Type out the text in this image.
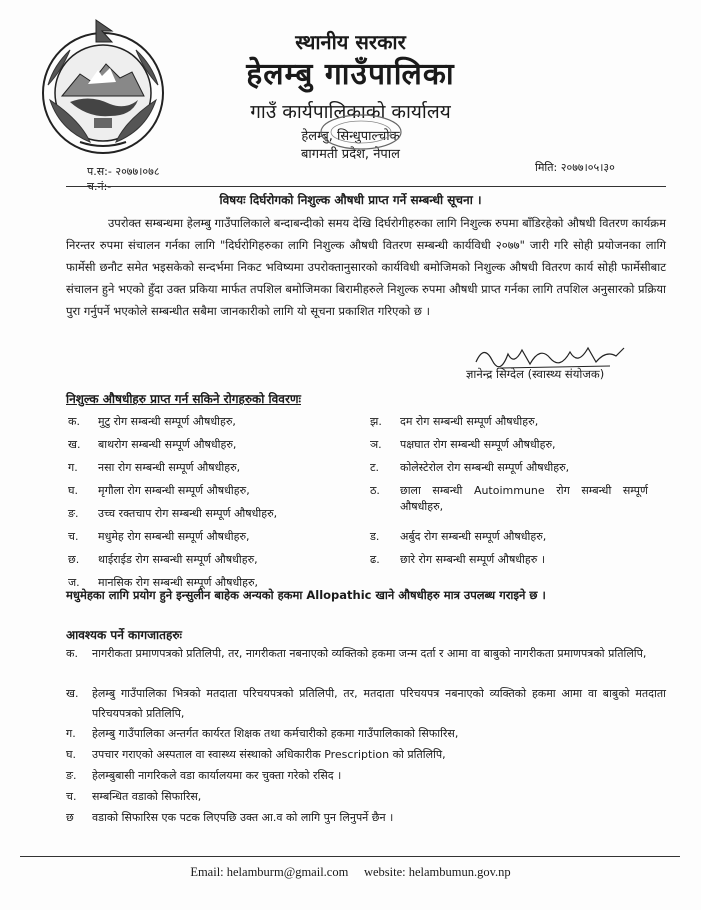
स्थानीय सरकार
हेलम्बु गाउँपालिका
गाउँ कार्यपालिकाको कार्यालय
हेलम्बु, सिन्धुपाल्चोक
बागमती प्रदेश, नेपाल
प.स:- २०७७।०७८
च.नं:-
मिति: २०७७।०५।३०
विषयः दिर्घरोगको निशुल्क औषधी प्राप्त गर्ने सम्बन्धी सूचना ।
उपरोक्त सम्बन्धमा हेलम्बु गाउँपालिकाले बन्दाबन्दीको समय देखि दिर्घरोगीहरुका लागि निशुल्क रुपमा बाँडिरहेको औषधी वितरण कार्यक्रम निरन्तर रुपमा संचालन गर्नका लागि "दिर्घरोगिहरुका लागि निशुल्क औषधी वितरण सम्बन्धी कार्यविधी २०७७" जारी गरि सोही प्रयोजनका लागि फार्मेसी छनौट समेत भइसकेको सन्दर्भमा निकट भविष्यमा उपरोक्तानुसारको कार्यविधी बमोजिमको निशुल्क औषधी वितरण कार्य सोही फार्मेसीबाट संचालन हुने भएको हुँदा उक्त प्रकिया मार्फत तपशिल बमोजिमका बिरामीहरुले निशुल्क रुपमा औषधी प्राप्त गर्नका लागि तपशिल अनुसारको प्रक्रिया पुरा गर्नुपर्ने भएकोले सम्बन्धीत सबैमा जानकारीको लागि यो सूचना प्रकाशित गरिएको छ ।
ज्ञानेन्द्र सिग्देल (स्वास्थ्य संयोजक)
निशुल्क औषधीहरु प्राप्त गर्न सकिने रोगहरुको विवरणः
क. मुटु रोग सम्बन्धी सम्पूर्ण औषधीहरु,
ख. बाथरोग सम्बन्धी सम्पूर्ण औषधीहरु,
ग. नसा रोग सम्बन्धी सम्पूर्ण औषधीहरु,
घ. मृगौला रोग सम्बन्धी सम्पूर्ण औषधीहरु,
ङ. उच्च रक्तचाप रोग सम्बन्धी सम्पूर्ण औषधीहरु,
च. मधुमेह रोग सम्बन्धी सम्पूर्ण औषधीहरु,
छ. थाईराईड रोग सम्बन्धी सम्पूर्ण औषधीहरु,
ज. मानसिक रोग सम्बन्धी सम्पूर्ण औषधीहरु,
झ. दम रोग सम्बन्धी सम्पूर्ण औषधीहरु,
ञ. पक्षघात रोग सम्बन्धी सम्पूर्ण औषधीहरु,
ट. कोलेस्टेरोल रोग सम्बन्धी सम्पूर्ण औषधीहरु,
ठ. छाला सम्बन्धी Autoimmune रोग सम्बन्धी सम्पूर्ण औषधीहरु,
ड. अर्बुद रोग सम्बन्धी सम्पूर्ण औषधीहरु,
ढ. छारे रोग सम्बन्धी सम्पूर्ण औषधीहरु ।
मधुमेहका लागि प्रयोग हुने इन्सुलीन बाहेक अन्यको हकमा Allopathic खाने औषधीहरु मात्र उपलब्ध गराइने छ ।
आवश्यक पर्ने कागजातहरुः
क. नागरीकता प्रमाणपत्रको प्रतिलिपी, तर, नागरीकता नबनाएको व्यक्तिको हकमा जन्म दर्ता र आमा वा बाबुको नागरीकता प्रमाणपत्रको प्रतिलिपि,
ख. हेलम्बु गाउँपालिका भित्रको मतदाता परिचयपत्रको प्रतिलिपी, तर, मतदाता परिचयपत्र नबनाएको व्यक्तिको हकमा आमा वा बाबुको मतदाता परिचयपत्रको प्रतिलिपि,
ग. हेलम्बु गाउँपालिका अन्तर्गत कार्यरत शिक्षक तथा कर्मचारीको हकमा गाउँपालिकाको सिफारिस,
घ. उपचार गराएको अस्पताल वा स्वास्थ्य संस्थाको अधिकारीक Prescription को प्रतिलिपि,
ङ. हेलम्बुबासी नागरिकले वडा कार्यालयमा कर चुक्ता गरेको रसिद ।
च. सम्बन्धित वडाको सिफारिस,
छ वडाको सिफारिस एक पटक लिएपछि उक्त आ.व को लागि पुन लिनुपर्ने छैन ।
Email: helamburm@gmail.com     website: helambumun.gov.np
